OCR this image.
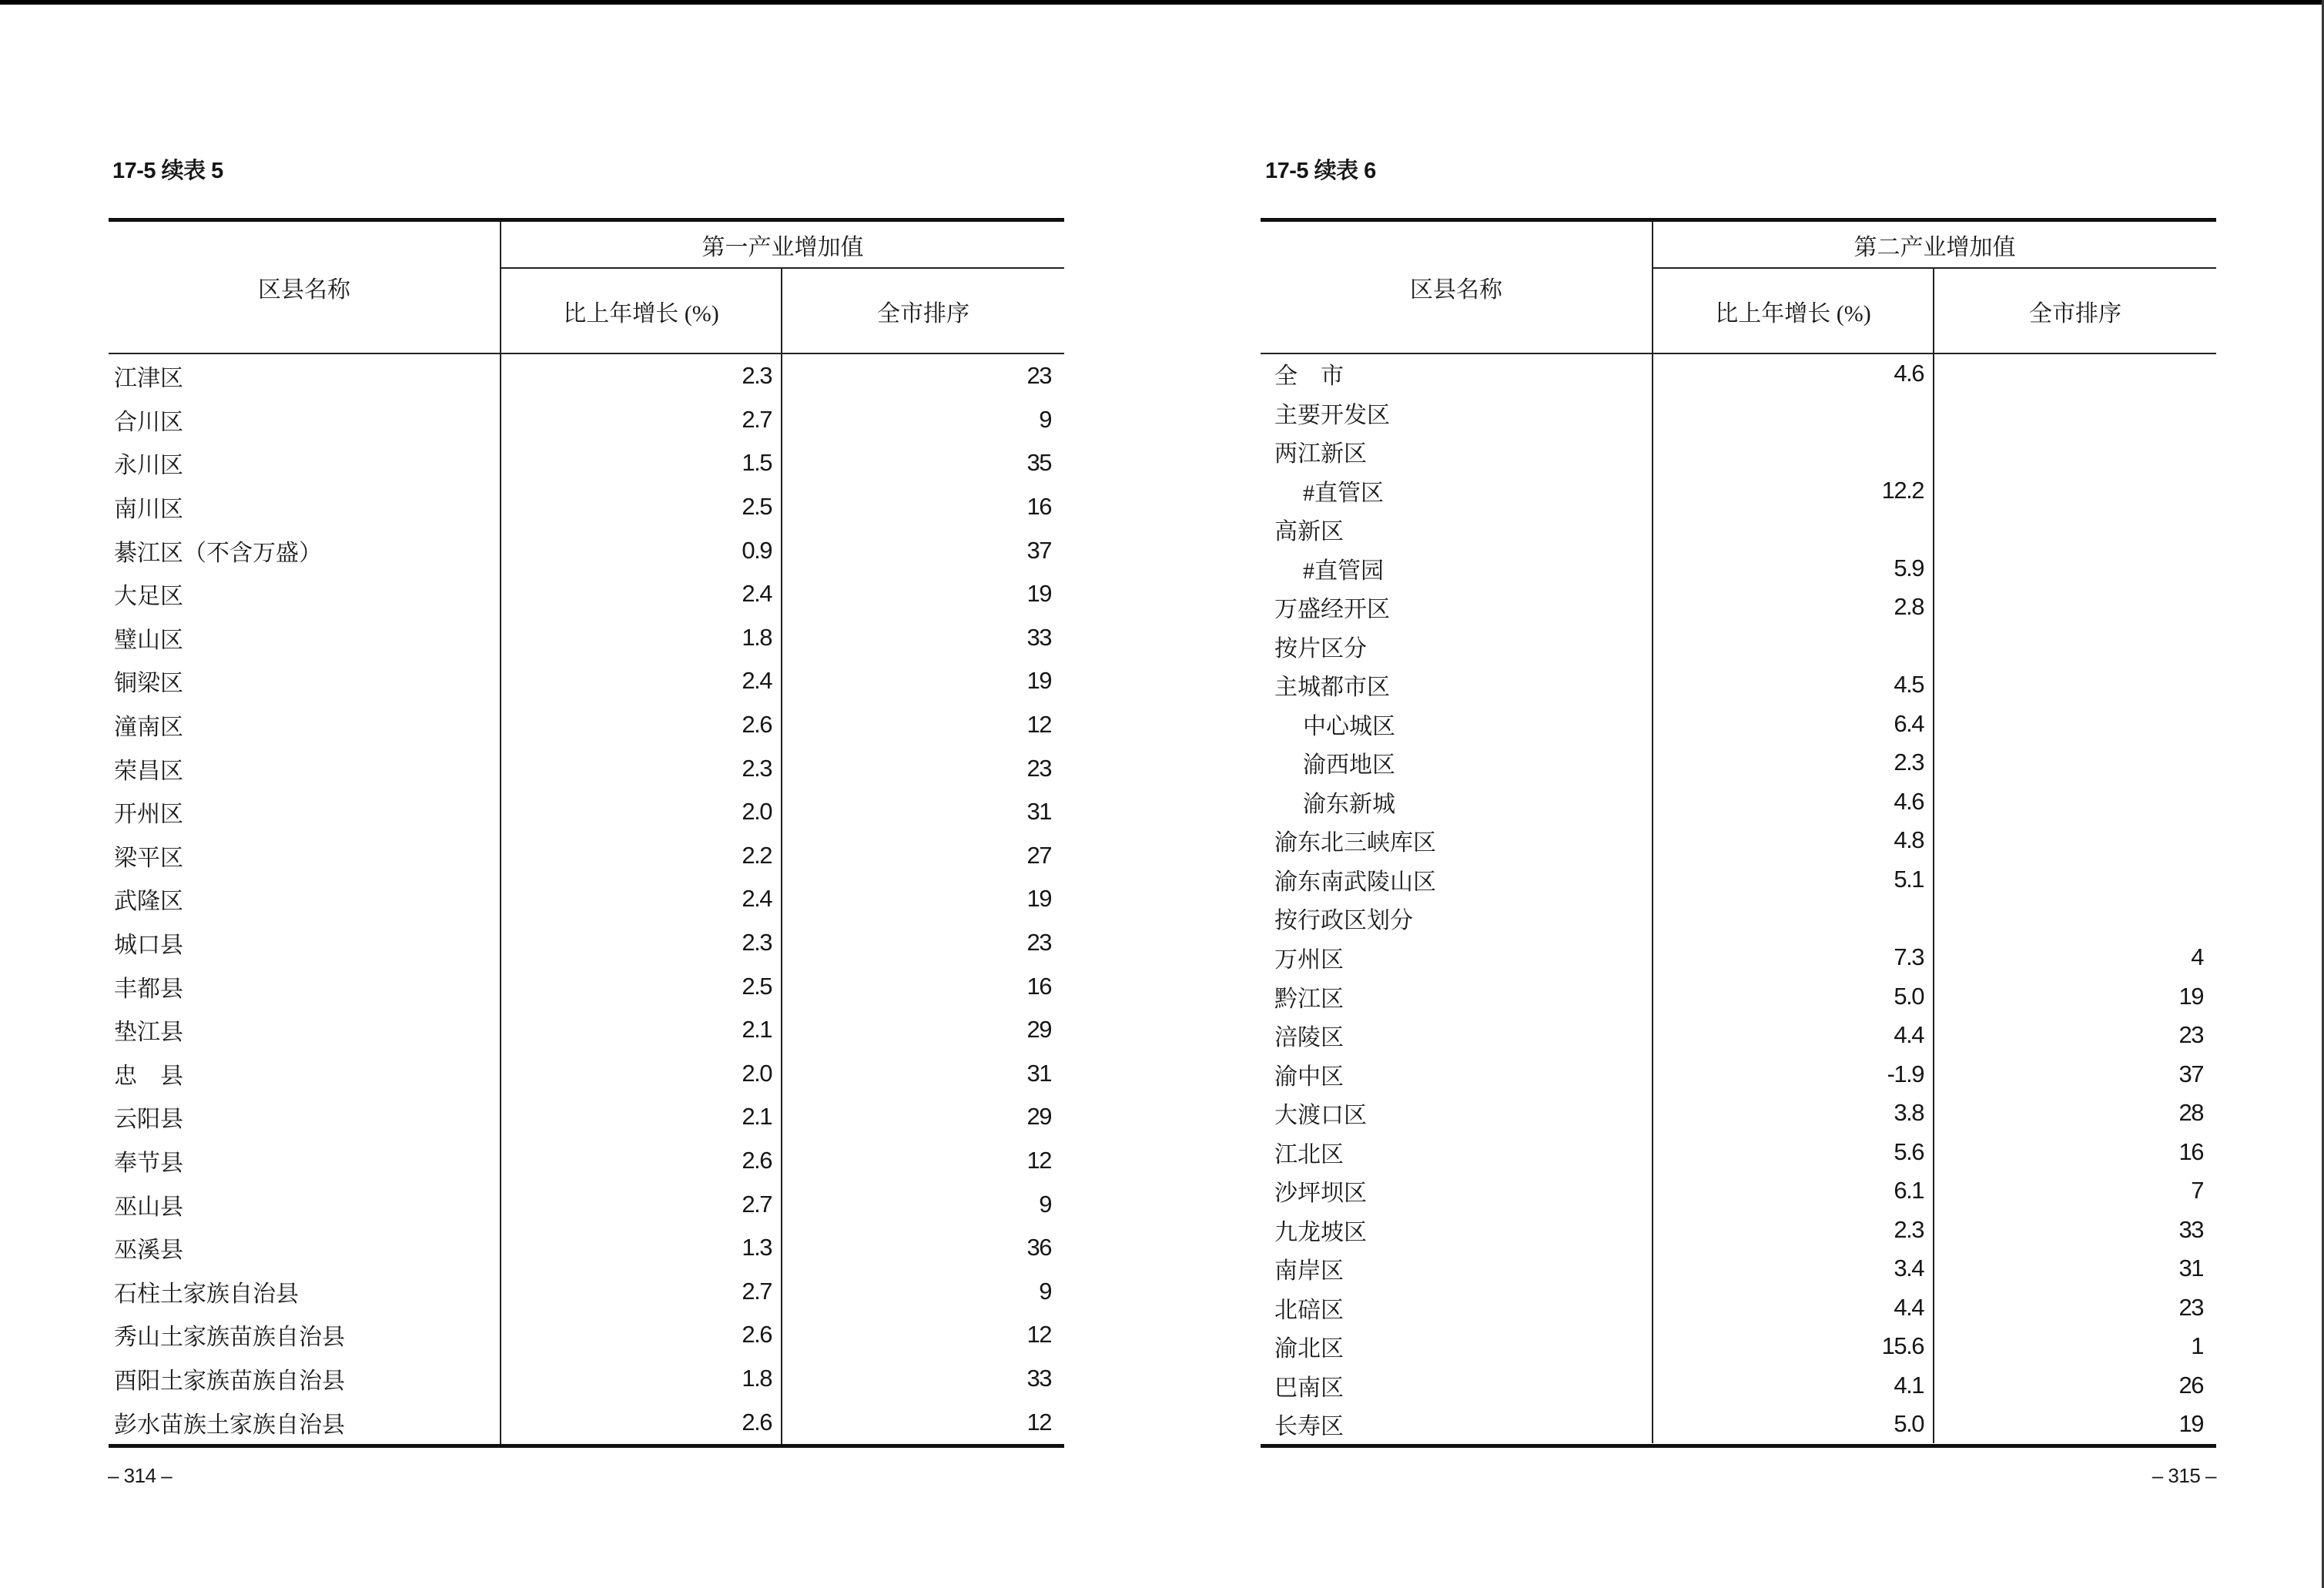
17-5 续表 5
区县名称
第一产业增加值
比上年增长 (%)	全市排序
江津区	2.3	23
合川区	2.7	9
永川区	1.5	35
南川区	2.5	16
綦江区（不含万盛）	0.9	37
大足区	2.4	19
璧山区	1.8	33
铜梁区	2.4	19
潼南区	2.6	12
荣昌区	2.3	23
开州区	2.0	31
梁平区	2.2	27
武隆区	2.4	19
城口县	2.3	23
丰都县	2.5	16
垫江县	2.1	29
忠　县	2.0	31
云阳县	2.1	29
奉节县	2.6	12
巫山县	2.7	9
巫溪县	1.3	36
石柱土家族自治县	2.7	9
秀山土家族苗族自治县	2.6	12
酉阳土家族苗族自治县	1.8	33
彭水苗族土家族自治县	2.6	12
– 314 –
17-5 续表 6
区县名称
第二产业增加值
比上年增长 (%)	全市排序
全　市	4.6
主要开发区
两江新区
#直管区	12.2
高新区
#直管园	5.9
万盛经开区	2.8
按片区分
主城都市区	4.5
中心城区	6.4
渝西地区	2.3
渝东新城	4.6
渝东北三峡库区	4.8
渝东南武陵山区	5.1
按行政区划分
万州区	7.3	4
黔江区	5.0	19
涪陵区	4.4	23
渝中区	-1.9	37
大渡口区	3.8	28
江北区	5.6	16
沙坪坝区	6.1	7
九龙坡区	2.3	33
南岸区	3.4	31
北碚区	4.4	23
渝北区	15.6	1
巴南区	4.1	26
长寿区	5.0	19
– 315 –
